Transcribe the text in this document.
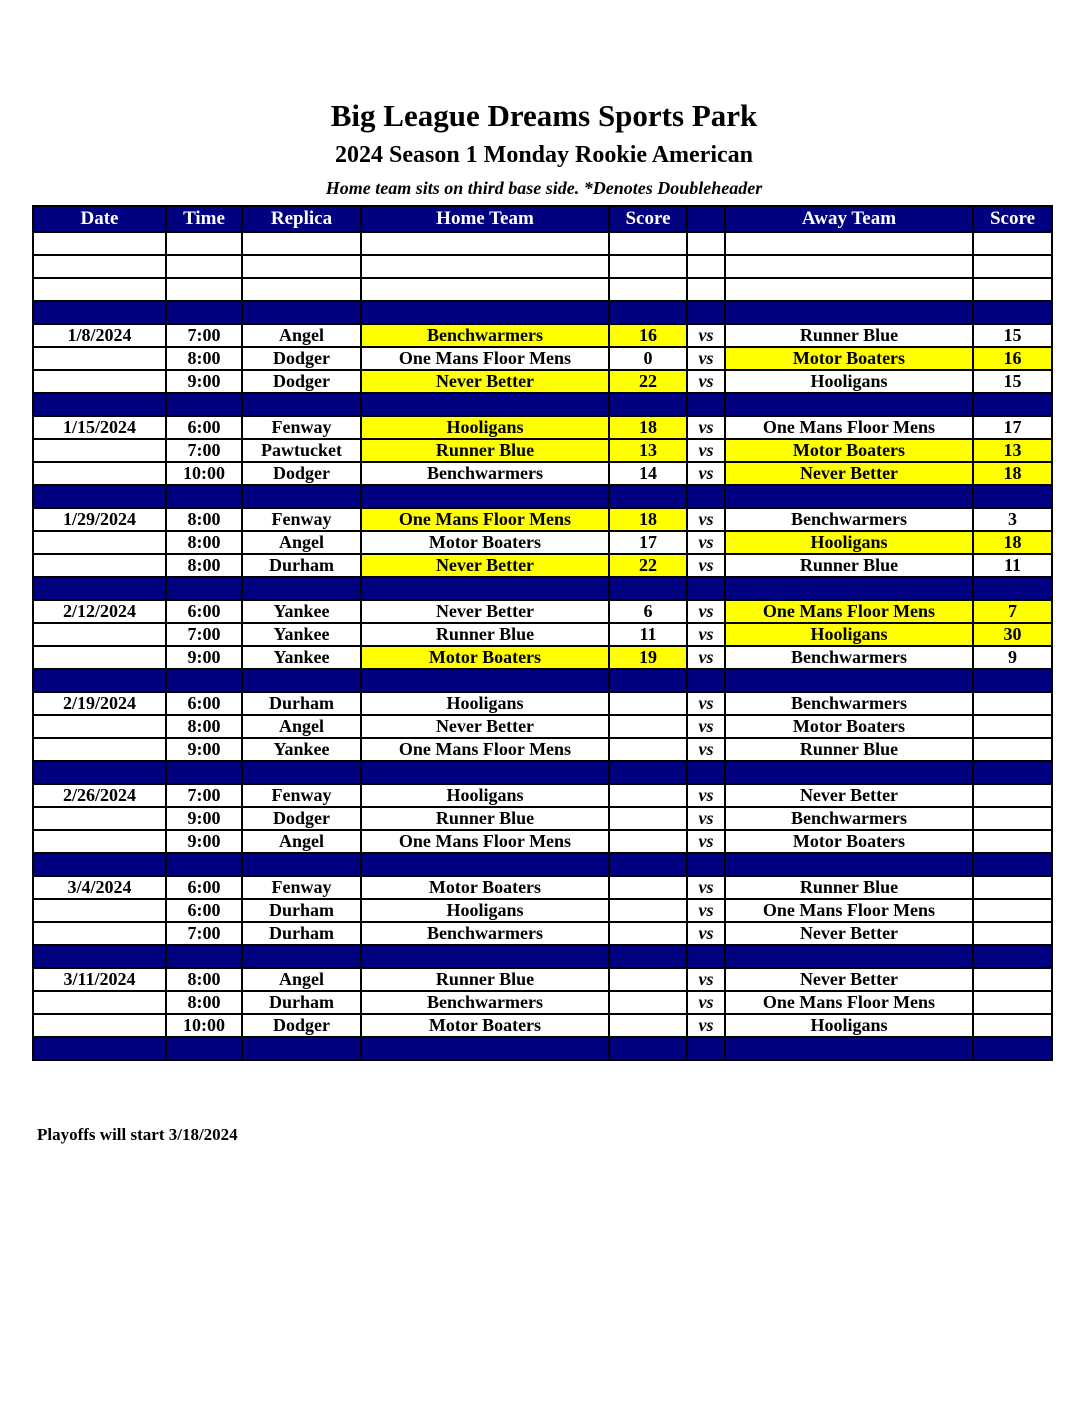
Big League Dreams Sports Park
2024 Season 1 Monday Rookie American
Home team sits on third base side. *Denotes Doubleheader
Date	Time	Replica	Home Team	Score		Away Team	Score

1/8/2024	7:00	Angel	Benchwarmers	16	vs	Runner Blue	15
	8:00	Dodger	One Mans Floor Mens	0	vs	Motor Boaters	16
	9:00	Dodger	Never Better	22	vs	Hooligans	15

1/15/2024	6:00	Fenway	Hooligans	18	vs	One Mans Floor Mens	17
	7:00	Pawtucket	Runner Blue	13	vs	Motor Boaters	13
	10:00	Dodger	Benchwarmers	14	vs	Never Better	18

1/29/2024	8:00	Fenway	One Mans Floor Mens	18	vs	Benchwarmers	3
	8:00	Angel	Motor Boaters	17	vs	Hooligans	18
	8:00	Durham	Never Better	22	vs	Runner Blue	11

2/12/2024	6:00	Yankee	Never Better	6	vs	One Mans Floor Mens	7
	7:00	Yankee	Runner Blue	11	vs	Hooligans	30
	9:00	Yankee	Motor Boaters	19	vs	Benchwarmers	9

2/19/2024	6:00	Durham	Hooligans		vs	Benchwarmers	
	8:00	Angel	Never Better		vs	Motor Boaters	
	9:00	Yankee	One Mans Floor Mens		vs	Runner Blue	

2/26/2024	7:00	Fenway	Hooligans		vs	Never Better	
	9:00	Dodger	Runner Blue		vs	Benchwarmers	
	9:00	Angel	One Mans Floor Mens		vs	Motor Boaters	

3/4/2024	6:00	Fenway	Motor Boaters		vs	Runner Blue	
	6:00	Durham	Hooligans		vs	One Mans Floor Mens	
	7:00	Durham	Benchwarmers		vs	Never Better	

3/11/2024	8:00	Angel	Runner Blue		vs	Never Better	
	8:00	Durham	Benchwarmers		vs	One Mans Floor Mens	
	10:00	Dodger	Motor Boaters		vs	Hooligans	

Playoffs will start 3/18/2024
